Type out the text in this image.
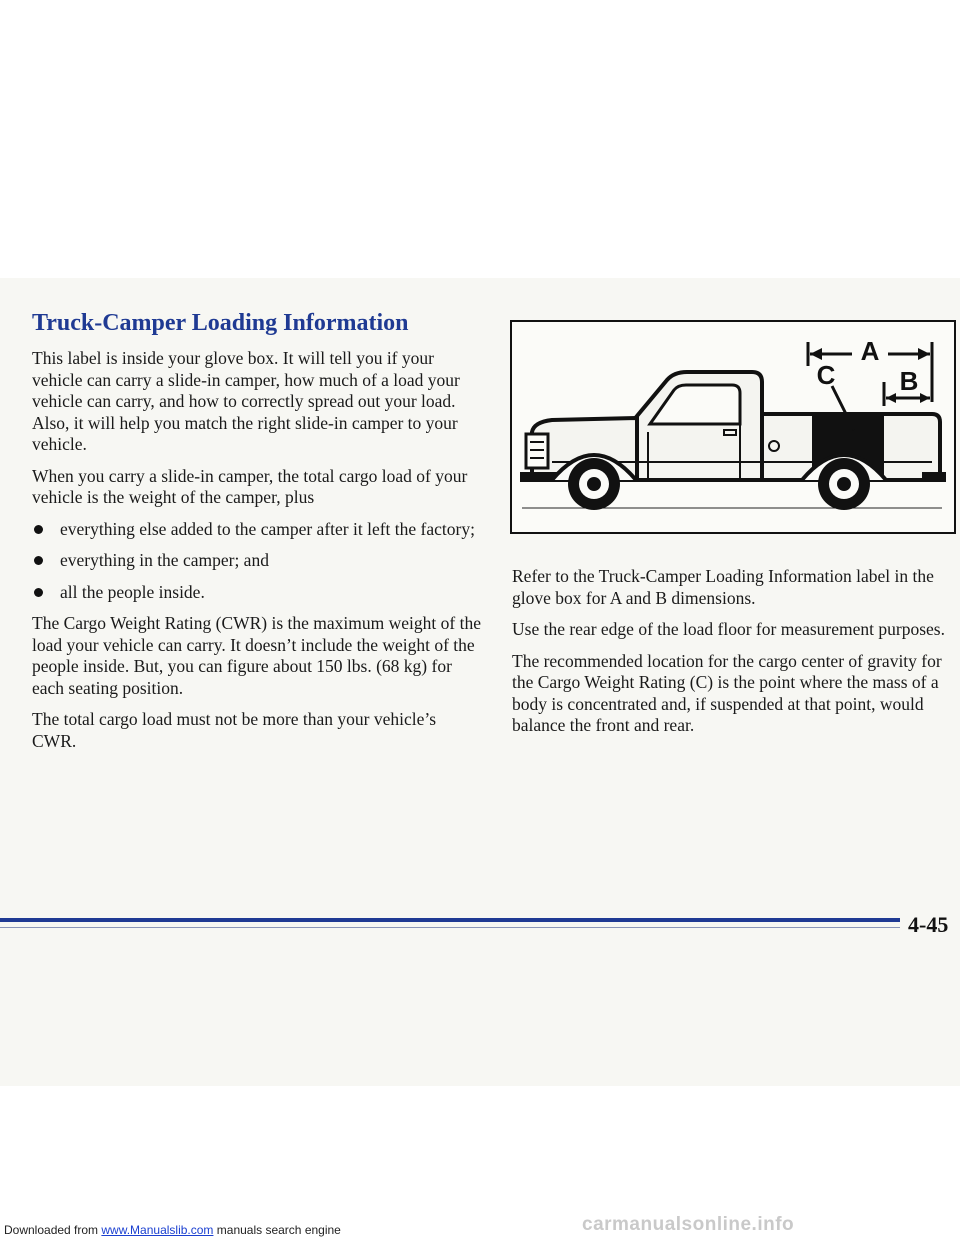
Truck-Camper Loading Information

This label is inside your glove box. It will tell you if your vehicle can carry a slide-in camper, how much of a load your vehicle can carry, and how to correctly spread out your load. Also, it will help you match the right slide-in camper to your vehicle.

When you carry a slide-in camper, the total cargo load of your vehicle is the weight of the camper, plus

everything else added to the camper after it left the factory;
everything in the camper; and
all the people inside.

The Cargo Weight Rating (CWR) is the maximum weight of the load your vehicle can carry. It doesn’t include the weight of the people inside. But, you can figure about 150 lbs. (68 kg) for each seating position.

The total cargo load must not be more than your vehicle’s CWR.

A
B
C

Refer to the Truck-Camper Loading Information label in the glove box for A and B dimensions.

Use the rear edge of the load floor for measurement purposes.

The recommended location for the cargo center of gravity for the Cargo Weight Rating (C) is the point where the mass of a body is concentrated and, if suspended at that point, would balance the front and rear.

4-45
Downloaded from www.Manualslib.com manuals search engine	carmanualsonline.info
